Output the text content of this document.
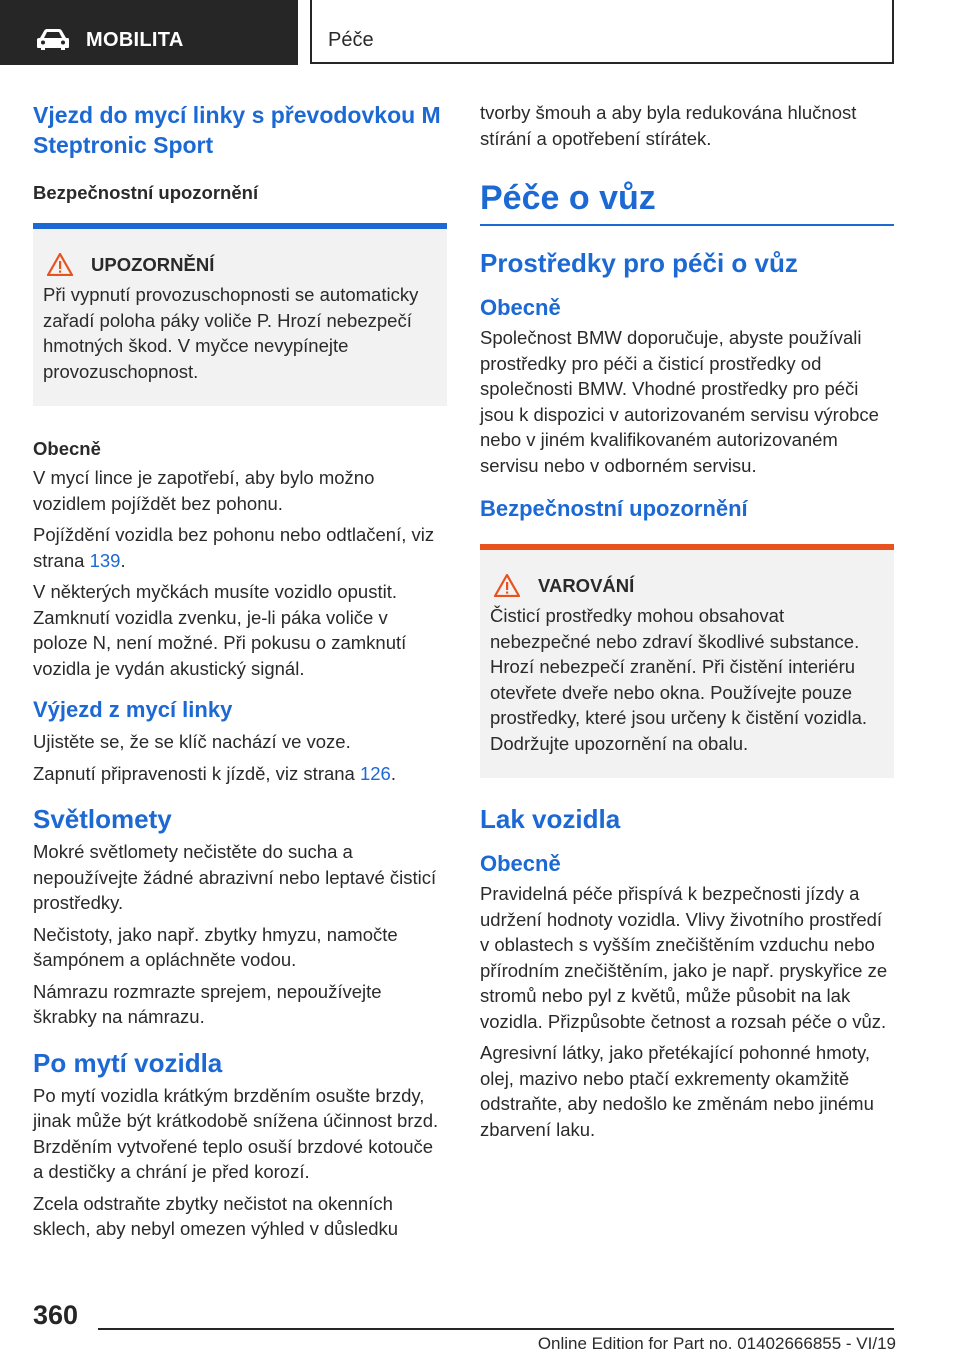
MOBILITA	Péče
Vjezd do mycí linky s převodovkou M Steptronic Sport
Bezpečnostní upozornění
UPOZORNĚNÍ

Při vypnutí provozuschopnosti se automaticky zařadí poloha páky voliče P. Hrozí nebezpečí hmotných škod. V myčce nevypínejte provozuschopnost.

Obecně

V mycí lince je zapotřebí, aby bylo možno vozidlem pojíždět bez pohonu.

Pojíždění vozidla bez pohonu nebo odtlačení, viz strana 139.

V některých myčkách musíte vozidlo opustit. Zamknutí vozidla zvenku, je-li páka voliče v poloze N, není možné. Při pokusu o zamknutí vozidla je vydán akustický signál.

Výjezd z mycí linky

Ujistěte se, že se klíč nachází ve voze.

Zapnutí připravenosti k jízdě, viz strana 126.

Světlomety

Mokré světlomety nečistěte do sucha a nepoužívejte žádné abrazivní nebo leptavé čisticí prostředky.

Nečistoty, jako např. zbytky hmyzu, namočte šampónem a opláchněte vodou.

Námrazu rozmrazte sprejem, nepoužívejte škrabky na námrazu.

Po mytí vozidla

Po mytí vozidla krátkým brzděním osušte brzdy, jinak může být krátkodobě snížena účinnost brzd. Brzděním vytvořené teplo osuší brzdové kotouče a destičky a chrání je před korozí.

Zcela odstraňte zbytky nečistot na okenních sklech, aby nebyl omezen výhled v důsledku

tvorby šmouh a aby byla redukována hlučnost stírání a opotřebení stírátek.

Péče o vůz
Prostředky pro péči o vůz
Obecně

Společnost BMW doporučuje, abyste používali prostředky pro péči a čisticí prostředky od společnosti BMW. Vhodné prostředky pro péči jsou k dispozici v autorizovaném servisu výrobce nebo v jiném kvalifikovaném autorizovaném servisu nebo v odborném servisu.

Bezpečnostní upozornění
VAROVÁNÍ

Čisticí prostředky mohou obsahovat nebezpečné nebo zdraví škodlivé substance. Hrozí nebezpečí zranění. Při čistění interiéru otevřete dveře nebo okna. Používejte pouze prostředky, které jsou určeny k čistění vozidla. Dodržujte upozornění na obalu.

Lak vozidla
Obecně

Pravidelná péče přispívá k bezpečnosti jízdy a udržení hodnoty vozidla. Vlivy životního prostředí v oblastech s vyšším znečištěním vzduchu nebo přírodním znečištěním, jako je např. pryskyřice ze stromů nebo pyl z květů, může působit na lak vozidla. Přizpůsobte četnost a rozsah péče o vůz.

Agresivní látky, jako přetékající pohonné hmoty, olej, mazivo nebo ptačí exkrementy okamžitě odstraňte, aby nedošlo ke změnám nebo jinému zbarvení laku.

360
Online Edition for Part no. 01402666855 - VI/19
